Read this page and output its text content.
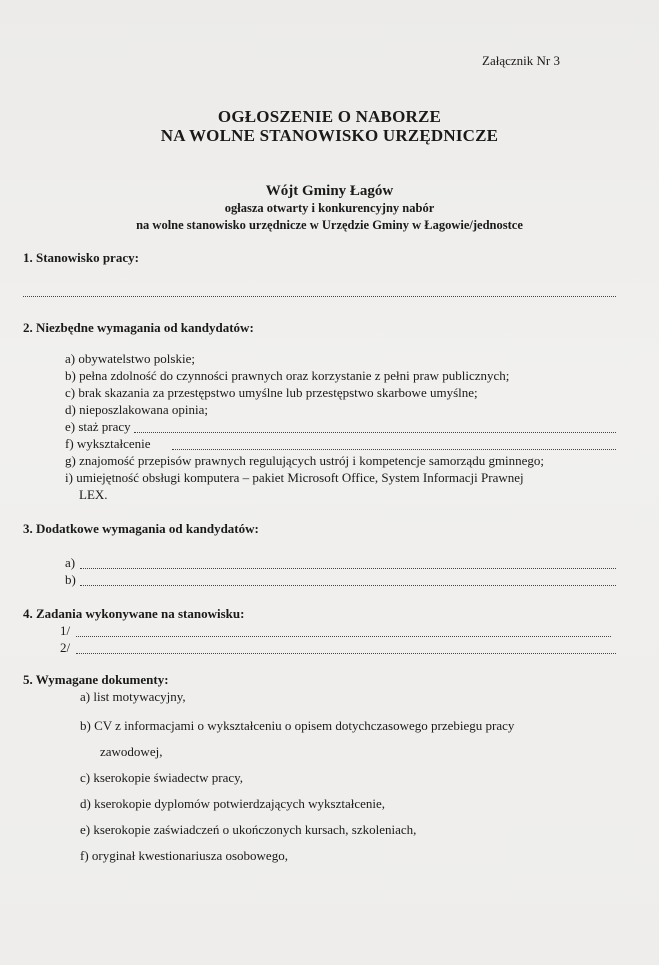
Załącznik Nr 3
OGŁOSZENIE O NABORZE
NA WOLNE STANOWISKO URZĘDNICZE
Wójt Gminy Łagów
ogłasza otwarty i konkurencyjny nabór
na wolne stanowisko urzędnicze w Urzędzie Gminy w Łagowie/jednostce
1. Stanowisko pracy:
2. Niezbędne wymagania od kandydatów:
a) obywatelstwo polskie;
b) pełna zdolność do czynności prawnych oraz korzystanie z pełni praw publicznych;
c) brak skazania za przestępstwo umyślne lub przestępstwo skarbowe umyślne;
d) nieposzlakowana opinia;
e) staż pracy
f) wykształcenie
g) znajomość przepisów prawnych regulujących ustrój i kompetencje samorządu gminnego;
i) umiejętność obsługi komputera – pakiet Microsoft Office, System Informacji Prawnej
LEX.
3. Dodatkowe wymagania od kandydatów:
a)
b)
4. Zadania wykonywane na stanowisku:
1/
2/
5. Wymagane dokumenty:
a) list motywacyjny,
b) CV z informacjami o wykształceniu o opisem dotychczasowego przebiegu pracy
zawodowej,
c) kserokopie świadectw pracy,
d) kserokopie dyplomów potwierdzających wykształcenie,
e) kserokopie zaświadczeń o ukończonych kursach, szkoleniach,
f) oryginał kwestionariusza osobowego,
